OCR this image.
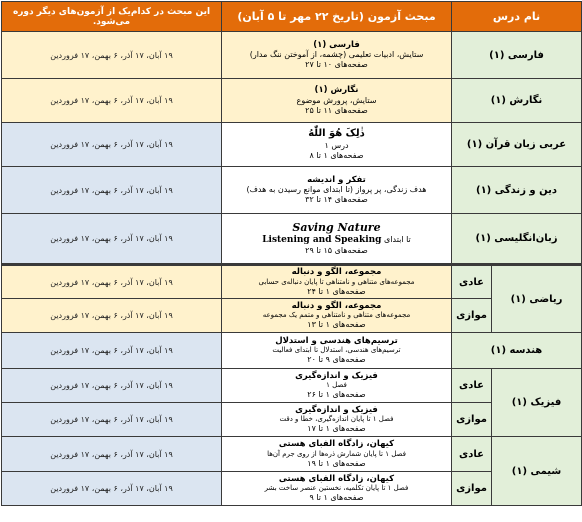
نام درس		مبحث آزمون (تاریخ ۲۲ مهر تا ۵ آبان)	این مبحث در کدام‌یک از آزمون‌های دیگر دوره می‌شود.
فارسی (۱)		فارسی (۱)
ستایش، ادبیات تعلیمی (چشمه، از آموختن ننگ مدار)
صفحه‌های ۱۰ تا ۲۷	۱۹ آبان، ۱۷ آذر، ۶ بهمن، ۱۷ فروردین
نگارش (۱)		نگارش (۱)
ستایش، پرورش موضوع
صفحه‌های ۱۱ تا ۲۵	۱۹ آبان، ۱۷ آذر، ۶ بهمن، ۱۷ فروردین
عربی زبان قرآن (۱)		ذٰلِکَ هُوَ اللّٰهُ
درس ۱
صفحه‌های ۱ تا ۸	۱۹ آبان، ۱۷ آذر، ۶ بهمن، ۱۷ فروردین
دین و زندگی (۱)		تفکر و اندیشه
هدف زندگی، پر پرواز (تا ابتدای موانع رسیدن به هدف)
صفحه‌های ۱۴ تا ۳۲	۱۹ آبان، ۱۷ آذر، ۶ بهمن، ۱۷ فروردین
زبان‌انگلیسی (۱)		Saving Nature
تا ابتدای Listening and Speaking
صفحه‌های ۱۵ تا ۲۹	۱۹ آبان، ۱۷ آذر، ۶ بهمن، ۱۷ فروردین
ریاضی (۱)	عادی	مجموعه، الگو و دنباله
مجموعه‌های متناهی و نامتناهی تا پایان دنباله‌ی حسابی
صفحه‌های ۱ تا ۲۴	۱۹ آبان، ۱۷ آذر، ۶ بهمن، ۱۷ فروردین
	موازی	مجموعه، الگو و دنباله
مجموعه‌های متناهی و نامتناهی و متمم یک مجموعه
صفحه‌های ۱ تا ۱۳	۱۹ آبان، ۱۷ آذر، ۶ بهمن، ۱۷ فروردین
هندسه (۱)		ترسیم‌های هندسی و استدلال
ترسیم‌های هندسی، استدلال تا ابتدای فعالیت
صفحه‌های ۹ تا ۲۰	۱۹ آبان، ۱۷ آذر، ۶ بهمن، ۱۷ فروردین
فیزیک (۱)	عادی	فیزیک و اندازه‌گیری
فصل ۱
صفحه‌های ۱ تا ۲۶	۱۹ آبان، ۱۷ آذر، ۶ بهمن، ۱۷ فروردین
	موازی	فیزیک و اندازه‌گیری
فصل ۱ تا پایان اندازه‌گیری، خطا و دقت
صفحه‌های ۱ تا ۱۷	۱۹ آبان، ۱۷ آذر، ۶ بهمن، ۱۷ فروردین
شیمی (۱)	عادی	کیهان، زادگاه الفبای هستی
فصل ۱ تا پایان شمارش ذره‌ها از روی جرم آن‌ها
صفحه‌های ۱ تا ۱۹	۱۹ آبان، ۱۷ آذر، ۶ بهمن، ۱۷ فروردین
	موازی	کیهان، زادگاه الفبای هستی
فصل ۱ تا پایان تکلمیه، نخستین عنصر ساخت بشر
صفحه‌های ۱ تا ۹	۱۹ آبان، ۱۷ آذر، ۶ بهمن، ۱۷ فروردین
